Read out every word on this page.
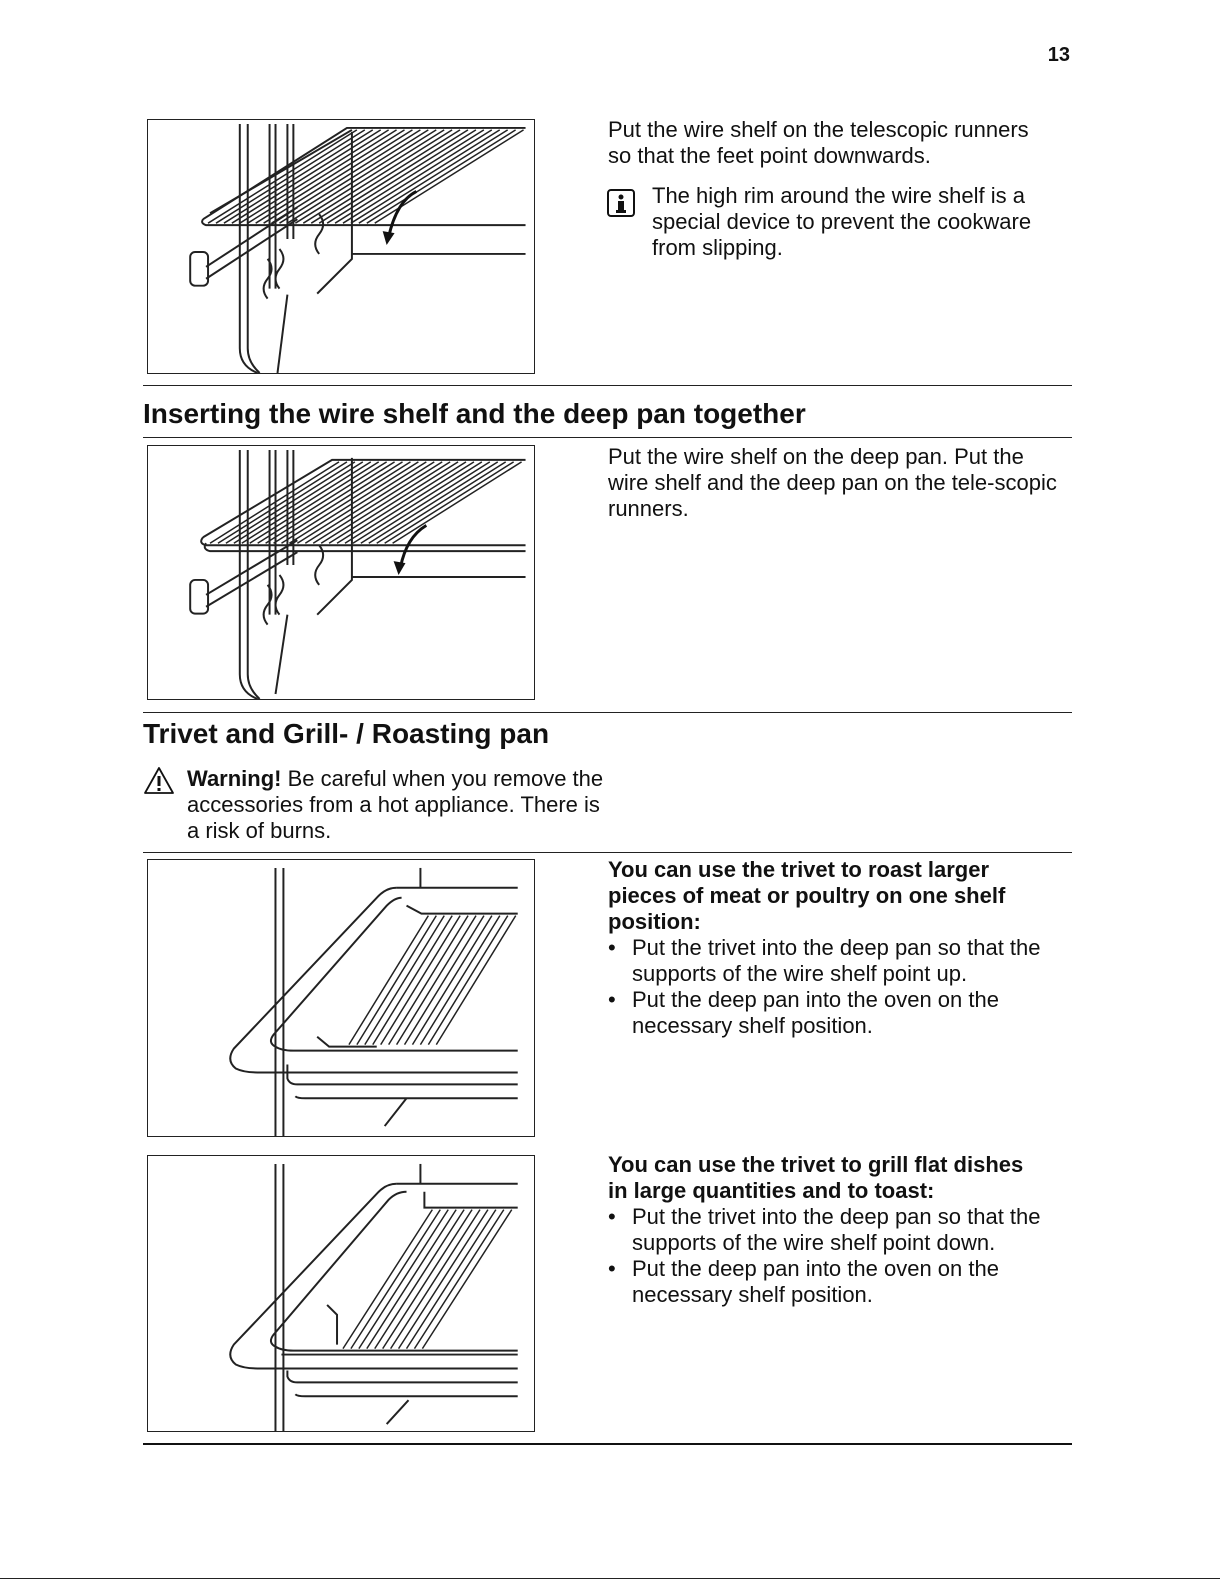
13

Put the wire shelf on the telescopic runners so that the feet point downwards.

The high rim around the wire shelf is a special device to prevent the cookware from slipping.
Inserting the wire shelf and the deep pan together
Put the wire shelf on the deep pan. Put the wire shelf and the deep pan on the tele-scopic runners.
Trivet and Grill- / Roasting pan
Warning! Be careful when you remove the accessories from a hot appliance. There is a risk of burns.

You can use the trivet to roast larger pieces of meat or poultry on one shelf position:

• Put the trivet into the deep pan so that the supports of the wire shelf point up.
• Put the deep pan into the oven on the necessary shelf position.

You can use the trivet to grill flat dishes in large quantities and to toast:

• Put the trivet into the deep pan so that the supports of the wire shelf point down.
• Put the deep pan into the oven on the necessary shelf position.
